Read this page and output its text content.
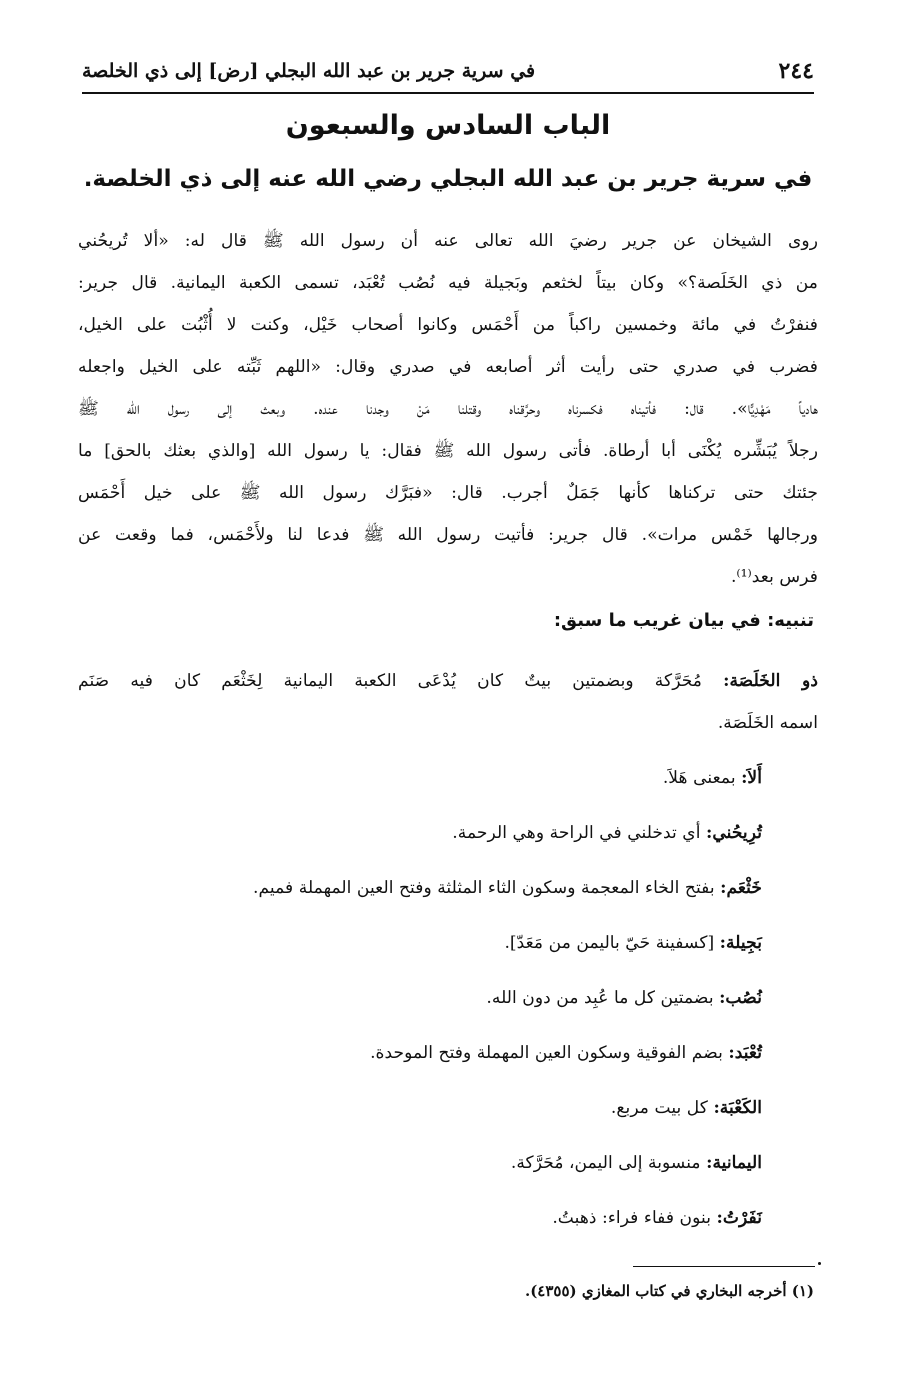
في سرية جرير بن عبد الله البجلي [رض] إلى ذي الخلصة	٢٤٤
الباب السادس والسبعون
في سرية جرير بن عبد الله البجلي رضي الله عنه إلى ذي الخلصة.
روى الشيخان عن جرير رضيَ الله تعالى عنه أن رسول الله ﷺ قال له: «ألا تُريحُني
من ذي الخَلَصة؟» وكان بيتاً لخثعم وبَجيلة فيه نُصُب تُعْبَد، تسمى الكعبة اليمانية. قال جرير:
فنفرْتُ في مائة وخمسين راكباً من أَحْمَس وكانوا أصحاب خَيْل، وكنت لا أُثْبُت على الخيل،
فضرب في صدري حتى رأيت أثر أصابعه في صدري وقال: «اللهم ثَبِّته على الخيل واجعله
هادياً مَهْدِيًّا». قال: فأتيناه فكسرناه وحرَّقناه وقتلنا مَنْ وجدنا عنده. وبعث إلى رسول الله ﷺ
رجلاً يُبَشِّره يُكْنَى أبا أرطاة. فأتى رسول الله ﷺ فقال: يا رسول الله [والذي بعثك بالحق] ما
جئتك حتى تركناها كأنها جَمَلٌ أجرب. قال: «فبَرَّك رسول الله ﷺ على خيل أَحْمَس
ورجالها خَمْس مرات». قال جرير: فأتيت رسول الله ﷺ فدعا لنا ولأَحْمَس، فما وقعت عن
فرس بعد⁽¹⁾.
تنبيه: في بيان غريب ما سبق:
ذو الخَلَصَة: مُحَرَّكة وبضمتين بيتٌ كان يُدْعَى الكعبة اليمانية لِخَثْعَم كان فيه صَنَم
اسمه الخَلَصَة.
أَلاَ: بمعنى هَلاَ.
تُرِيحُني: أي تدخلني في الراحة وهي الرحمة.
خَثْعَم: بفتح الخاء المعجمة وسكون الثاء المثلثة وفتح العين المهملة فميم.
بَجِيلة: [كسفينة حَيّ باليمن من مَعَدّ].
نُصُب: بضمتين كل ما عُبِد من دون الله.
تُعْبَد: بضم الفوقية وسكون العين المهملة وفتح الموحدة.
الكَعْبَة: كل بيت مربع.
اليمانية: منسوبة إلى اليمن، مُحَرَّكة.
نَفَرْتُ: بنون ففاء فراء: ذهبتُ.
(١) أخرجه البخاري في كتاب المغازي (٤٣٥٥).
